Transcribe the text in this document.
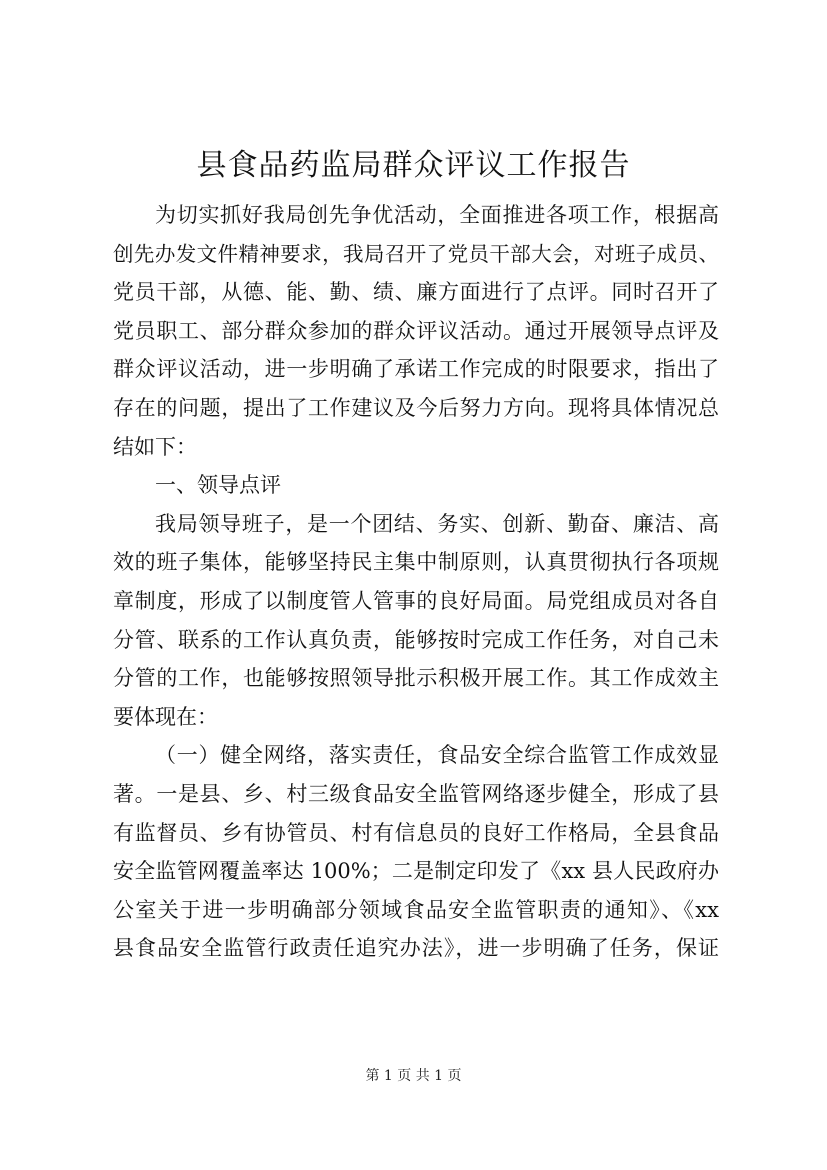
县食品药监局群众评议工作报告
为切实抓好我局创先争优活动，全面推进各项工作，根据高
创先办发文件精神要求，我局召开了党员干部大会，对班子成员、
党员干部，从德、能、勤、绩、廉方面进行了点评。同时召开了
党员职工、部分群众参加的群众评议活动。通过开展领导点评及
群众评议活动，进一步明确了承诺工作完成的时限要求，指出了
存在的问题，提出了工作建议及今后努力方向。现将具体情况总
结如下：
一、领导点评
我局领导班子，是一个团结、务实、创新、勤奋、廉洁、高
效的班子集体，能够坚持民主集中制原则，认真贯彻执行各项规
章制度，形成了以制度管人管事的良好局面。局党组成员对各自
分管、联系的工作认真负责，能够按时完成工作任务，对自己未
分管的工作，也能够按照领导批示积极开展工作。其工作成效主
要体现在：
（一）健全网络，落实责任，食品安全综合监管工作成效显
著。一是县、乡、村三级食品安全监管网络逐步健全，形成了县
有监督员、乡有协管员、村有信息员的良好工作格局，全县食品
安全监管网覆盖率达 100%；二是制定印发了《xx 县人民政府办
公室关于进一步明确部分领域食品安全监管职责的通知》、《xx
县食品安全监管行政责任追究办法》，进一步明确了任务，保证
第 1 页 共 1 页
